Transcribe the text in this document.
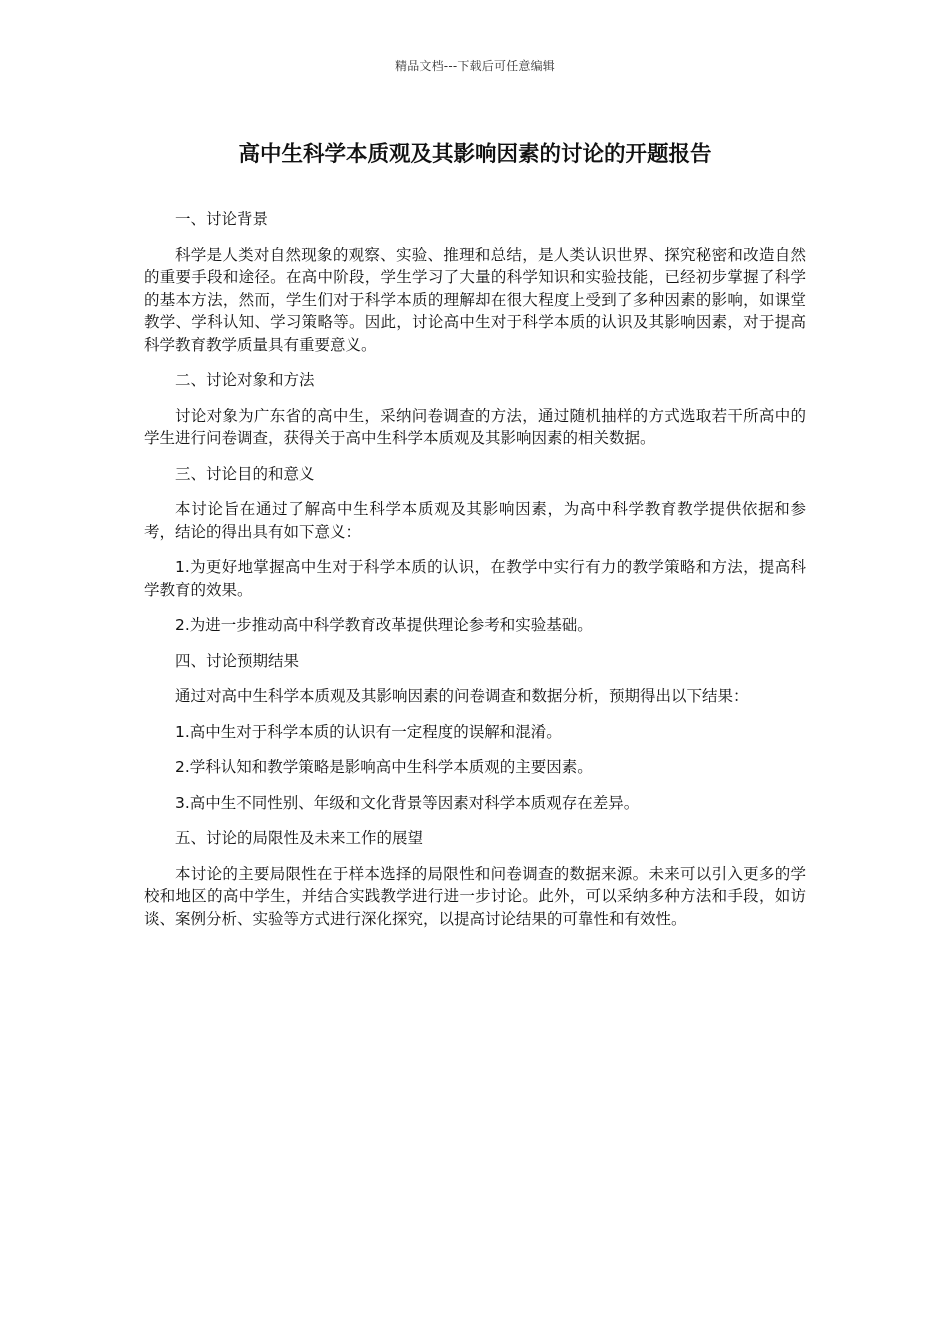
精品文档---下载后可任意编辑
高中生科学本质观及其影响因素的讨论的开题报告

一、讨论背景

科学是人类对自然现象的观察、实验、推理和总结，是人类认识世界、探究秘密和改造自然的重要手段和途径。在高中阶段，学生学习了大量的科学知识和实验技能，已经初步掌握了科学的基本方法，然而，学生们对于科学本质的理解却在很大程度上受到了多种因素的影响，如课堂教学、学科认知、学习策略等。因此，讨论高中生对于科学本质的认识及其影响因素，对于提高科学教育教学质量具有重要意义。

二、讨论对象和方法

讨论对象为广东省的高中生，采纳问卷调查的方法，通过随机抽样的方式选取若干所高中的学生进行问卷调查，获得关于高中生科学本质观及其影响因素的相关数据。

三、讨论目的和意义

本讨论旨在通过了解高中生科学本质观及其影响因素，为高中科学教育教学提供依据和参考，结论的得出具有如下意义：

1.为更好地掌握高中生对于科学本质的认识，在教学中实行有力的教学策略和方法，提高科学教育的效果。

2.为进一步推动高中科学教育改革提供理论参考和实验基础。

四、讨论预期结果

通过对高中生科学本质观及其影响因素的问卷调查和数据分析，预期得出以下结果：

1.高中生对于科学本质的认识有一定程度的误解和混淆。

2.学科认知和教学策略是影响高中生科学本质观的主要因素。

3.高中生不同性别、年级和文化背景等因素对科学本质观存在差异。

五、讨论的局限性及未来工作的展望

本讨论的主要局限性在于样本选择的局限性和问卷调查的数据来源。未来可以引入更多的学校和地区的高中学生，并结合实践教学进行进一步讨论。此外，可以采纳多种方法和手段，如访谈、案例分析、实验等方式进行深化探究，以提高讨论结果的可靠性和有效性。
